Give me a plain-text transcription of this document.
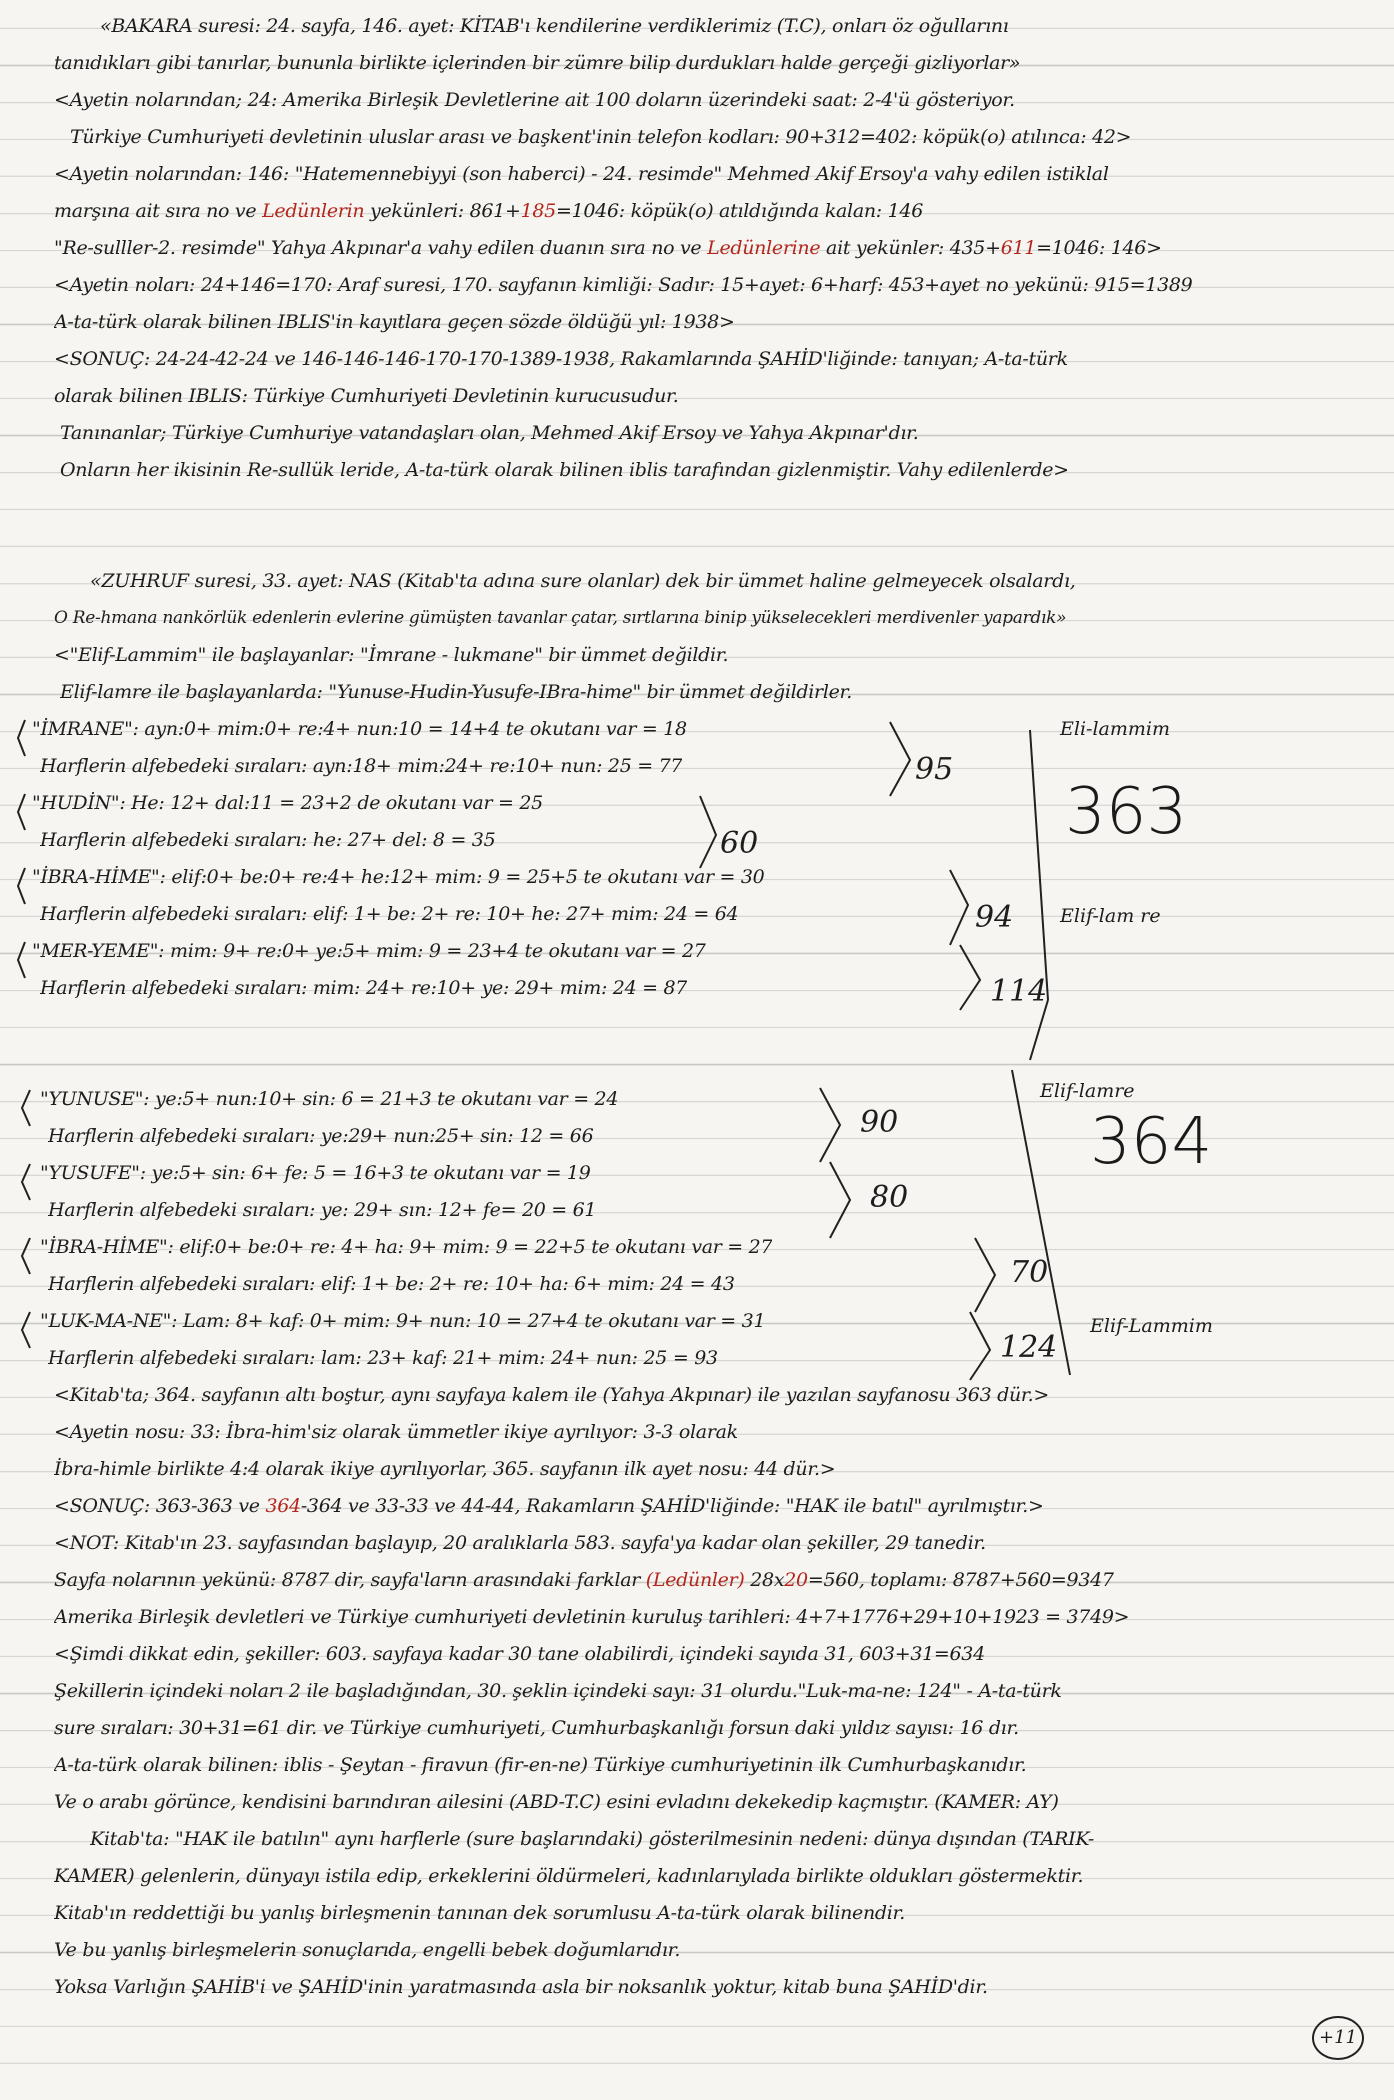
«BAKARA suresi: 24. sayfa, 146. ayet: KİTAB'ı kendilerine verdiklerimiz (T.C), onları öz oğullarını
tanıdıkları gibi tanırlar, bununla birlikte içlerinden bir zümre bilip durdukları halde gerçeği gizliyorlar»
<Ayetin nolarından; 24: Amerika Birleşik Devletlerine ait 100 doların üzerindeki saat: 2-4'ü gösteriyor.
Türkiye Cumhuriyeti devletinin uluslar arası ve başkent'inin telefon kodları: 90+312=402: köpük(o) atılınca: 42>
<Ayetin nolarından: 146: "Hatemennebiyyi (son haberci) - 24. resimde" Mehmed Akif Ersoy'a vahy edilen istiklal
marşına ait sıra no ve Ledünlerin yekünleri: 861+185=1046: köpük(o) atıldığında kalan: 146
"Re-sulller-2. resimde" Yahya Akpınar'a vahy edilen duanın sıra no ve Ledünlerine ait yekünler: 435+611=1046: 146>
<Ayetin noları: 24+146=170: Araf suresi, 170. sayfanın kimliği: Sadır: 15+ayet: 6+harf: 453+ayet no yekünü: 915=1389
A-ta-türk olarak bilinen IBLIS'in kayıtlara geçen sözde öldüğü yıl: 1938>
<SONUÇ: 24-24-42-24 ve 146-146-146-170-170-1389-1938, Rakamlarında ŞAHİD'liğinde: tanıyan; A-ta-türk
olarak bilinen IBLIS: Türkiye Cumhuriyeti Devletinin kurucusudur.
Tanınanlar; Türkiye Cumhuriye vatandaşları olan, Mehmed Akif Ersoy ve Yahya Akpınar'dır.
Onların her ikisinin Re-sullük leride, A-ta-türk olarak bilinen iblis tarafından gizlenmiştir. Vahy edilenlerde>
«ZUHRUF suresi, 33. ayet: NAS (Kitab'ta adına sure olanlar) dek bir ümmet haline gelmeyecek olsalardı,
O Re-hmana nankörlük edenlerin evlerine gümüşten tavanlar çatar, sırtlarına binip yükselecekleri merdivenler yapardık»
<"Elif-Lammim" ile başlayanlar: "İmrane - lukmane" bir ümmet değildir.
Elif-lamre ile başlayanlarda: "Yunuse-Hudin-Yusufe-IBra-hime" bir ümmet değildirler.
"İMRANE": ayn:0+ mim:0+ re:4+ nun:10 = 14+4 te okutanı var = 18
Harflerin alfebedeki sıraları: ayn:18+ mim:24+ re:10+ nun: 25 = 77
"HUDİN": He: 12+ dal:11 = 23+2 de okutanı var = 25
Harflerin alfebedeki sıraları: he: 27+ del: 8 = 35
"İBRA-HİME": elif:0+ be:0+ re:4+ he:12+ mim: 9 = 25+5 te okutanı var = 30
Harflerin alfebedeki sıraları: elif: 1+ be: 2+ re: 10+ he: 27+ mim: 24 = 64
"MER-YEME": mim: 9+ re:0+ ye:5+ mim: 9 = 23+4 te okutanı var = 27
Harflerin alfebedeki sıraları: mim: 24+ re:10+ ye: 29+ mim: 24 = 87
"YUNUSE": ye:5+ nun:10+ sin: 6 = 21+3 te okutanı var = 24
Harflerin alfebedeki sıraları: ye:29+ nun:25+ sin: 12 = 66
"YUSUFE": ye:5+ sin: 6+ fe: 5 = 16+3 te okutanı var = 19
Harflerin alfebedeki sıraları: ye: 29+ sın: 12+ fe= 20 = 61
"İBRA-HİME": elif:0+ be:0+ re: 4+ ha: 9+ mim: 9 = 22+5 te okutanı var = 27
Harflerin alfebedeki sıraları: elif: 1+ be: 2+ re: 10+ ha: 6+ mim: 24 = 43
"LUK-MA-NE": Lam: 8+ kaf: 0+ mim: 9+ nun: 10 = 27+4 te okutanı var = 31
Harflerin alfebedeki sıraları: lam: 23+ kaf: 21+ mim: 24+ nun: 25 = 93
<Kitab'ta; 364. sayfanın altı boştur, aynı sayfaya kalem ile (Yahya Akpınar) ile yazılan sayfanosu 363 dür.>
<Ayetin nosu: 33: İbra-him'siz olarak ümmetler ikiye ayrılıyor: 3-3 olarak
İbra-himle birlikte 4:4 olarak ikiye ayrılıyorlar, 365. sayfanın ilk ayet nosu: 44 dür.>
<SONUÇ: 363-363 ve 364-364 ve 33-33 ve 44-44, Rakamların ŞAHİD'liğinde: "HAK ile batıl" ayrılmıştır.>
<NOT: Kitab'ın 23. sayfasından başlayıp, 20 aralıklarla 583. sayfa'ya kadar olan şekiller, 29 tanedir.
Sayfa nolarının yekünü: 8787 dir, sayfa'ların arasındaki farklar (Ledünler) 28x20=560, toplamı: 8787+560=9347
Amerika Birleşik devletleri ve Türkiye cumhuriyeti devletinin kuruluş tarihleri: 4+7+1776+29+10+1923 = 3749>
<Şimdi dikkat edin, şekiller: 603. sayfaya kadar 30 tane olabilirdi, içindeki sayıda 31, 603+31=634
Şekillerin içindeki noları 2 ile başladığından, 30. şeklin içindeki sayı: 31 olurdu."Luk-ma-ne: 124" - A-ta-türk
sure sıraları: 30+31=61 dir. ve Türkiye cumhuriyeti, Cumhurbaşkanlığı forsun daki yıldız sayısı: 16 dır.
A-ta-türk olarak bilinen: iblis - Şeytan - firavun (fir-en-ne) Türkiye cumhuriyetinin ilk Cumhurbaşkanıdır.
Ve o arabı görünce, kendisini barındıran ailesini (ABD-T.C) esini evladını dekekedip kaçmıştır. (KAMER: AY)
Kitab'ta: "HAK ile batılın" aynı harflerle (sure başlarındaki) gösterilmesinin nedeni: dünya dışından (TARIK-
KAMER) gelenlerin, dünyayı istila edip, erkeklerini öldürmeleri, kadınlarıylada birlikte oldukları göstermektir.
Kitab'ın reddettiği bu yanlış birleşmenin tanınan dek sorumlusu A-ta-türk olarak bilinendir.
Ve bu yanlış birleşmelerin sonuçlarıda, engelli bebek doğumlarıdır.
Yoksa Varlığın ŞAHİB'i ve ŞAHİD'inin yaratmasında asla bir noksanlık yoktur, kitab buna ŞAHİD'dir.
95
60
94
114
Eli-lammim
363
Elif-lam re
90
80
70
124
Elif-lamre
364
Elif-Lammim
+11
